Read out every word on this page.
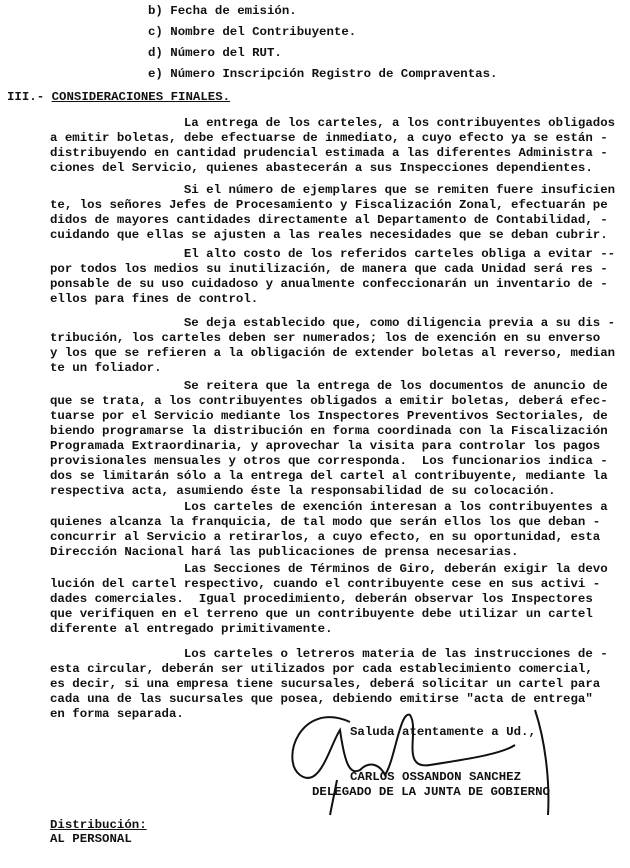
b) Fecha de emisión.
c) Nombre del Contribuyente.
d) Número del RUT.
e) Número Inscripción Registro de Compraventas.
III.- CONSIDERACIONES FINALES.
La entrega de los carteles, a los contribuyentes obligados
a emitir boletas, debe efectuarse de inmediato, a cuyo efecto ya se están -
distribuyendo en cantidad prudencial estimada a las diferentes Administra -
ciones del Servicio, quienes abastecerán a sus Inspecciones dependientes.
Si el número de ejemplares que se remiten fuere insuficien
te, los señores Jefes de Procesamiento y Fiscalización Zonal, efectuarán pe
didos de mayores cantidades directamente al Departamento de Contabilidad, -
cuidando que ellas se ajusten a las reales necesidades que se deban cubrir.
El alto costo de los referidos carteles obliga a evitar --
por todos los medios su inutilización, de manera que cada Unidad será res -
ponsable de su uso cuidadoso y anualmente confeccionarán un inventario de -
ellos para fines de control.
Se deja establecido que, como diligencia previa a su dis -
tribución, los carteles deben ser numerados; los de exención en su enverso
y los que se refieren a la obligación de extender boletas al reverso, median
te un foliador.
Se reitera que la entrega de los documentos de anuncio de
que se trata, a los contribuyentes obligados a emitir boletas, deberá efec-
tuarse por el Servicio mediante los Inspectores Preventivos Sectoriales, de
biendo programarse la distribución en forma coordinada con la Fiscalización
Programada Extraordinaria, y aprovechar la visita para controlar los pagos
provisionales mensuales y otros que corresponda.  Los funcionarios indica -
dos se limitarán sólo a la entrega del cartel al contribuyente, mediante la
respectiva acta, asumiendo éste la responsabilidad de su colocación.
Los carteles de exención interesan a los contribuyentes a
quienes alcanza la franquicia, de tal modo que serán ellos los que deban -
concurrir al Servicio a retirarlos, a cuyo efecto, en su oportunidad, esta
Dirección Nacional hará las publicaciones de prensa necesarias.
Las Secciones de Términos de Giro, deberán exigir la devo
lución del cartel respectivo, cuando el contribuyente cese en sus activi -
dades comerciales.  Igual procedimiento, deberán observar los Inspectores
que verifiquen en el terreno que un contribuyente debe utilizar un cartel
diferente al entregado primitivamente.
Los carteles o letreros materia de las instrucciones de -
esta circular, deberán ser utilizados por cada establecimiento comercial,
es decir, si una empresa tiene sucursales, deberá solicitar un cartel para
cada una de las sucursales que posea, debiendo emitirse "acta de entrega"
en forma separada.
Saluda atentamente a Ud.,
CARLOS OSSANDON SANCHEZ
DELEGADO DE LA JUNTA DE GOBIERNO
Distribución:
AL PERSONAL
